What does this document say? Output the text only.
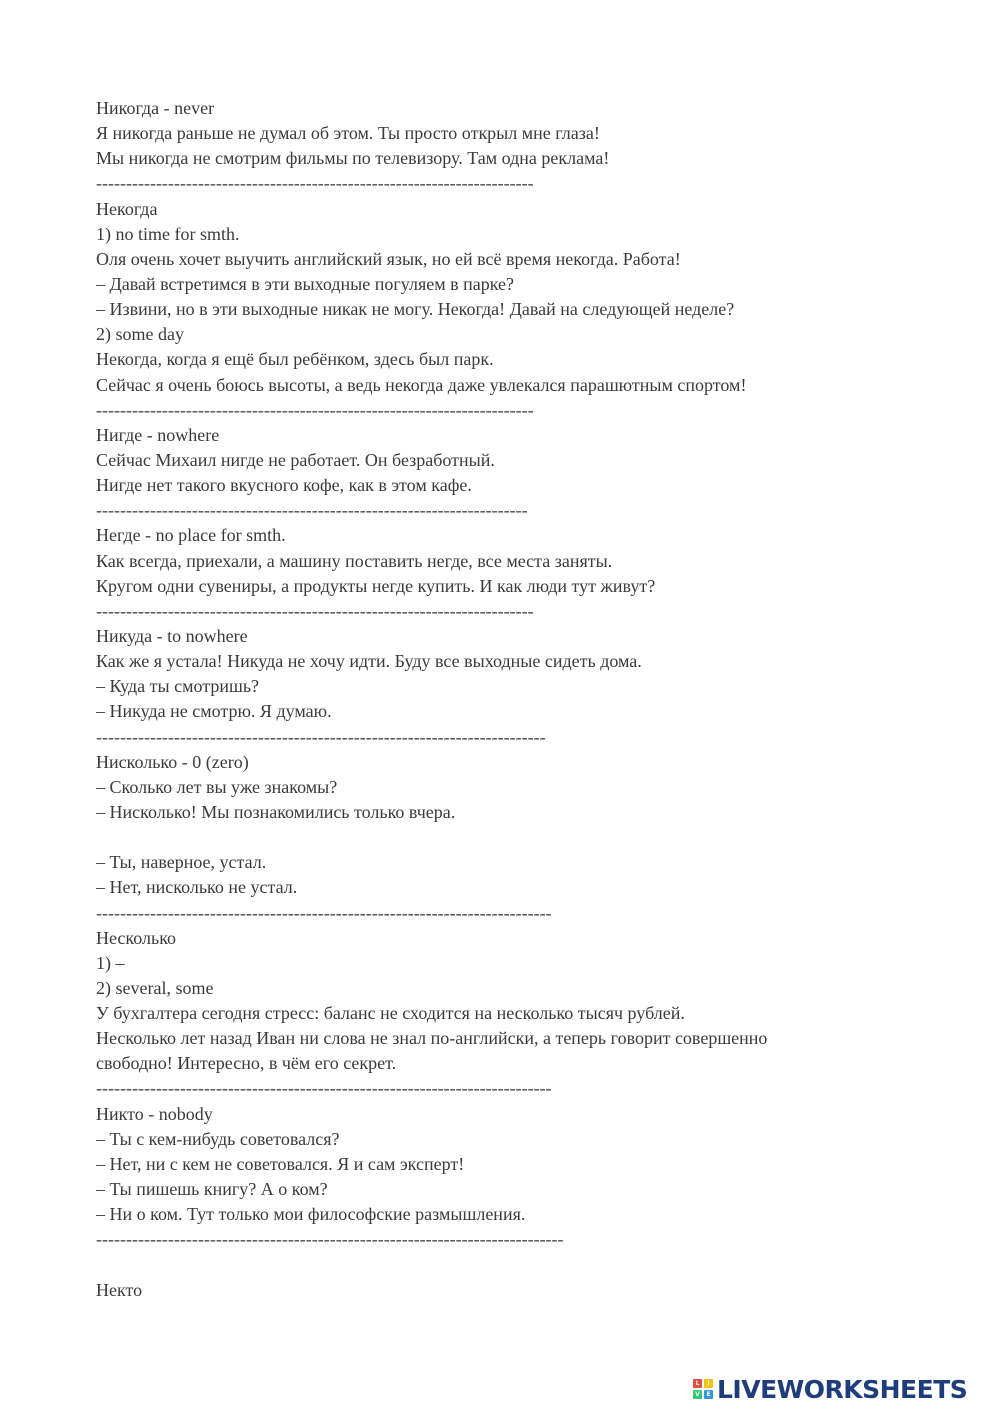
Никогда - never
Я никогда раньше не думал об этом. Ты просто открыл мне глаза!
Мы никогда не смотрим фильмы по телевизору. Там одна реклама!
-------------------------------------------------------------------------
Некогда
1) no time for smth.
Оля очень хочет выучить английский язык, но ей всё время некогда. Работа!
– Давай встретимся в эти выходные погуляем в парке?
– Извини, но в эти выходные никак не могу. Некогда! Давай на следующей неделе?
2) some day
Некогда, когда я ещё был ребёнком, здесь был парк.
Сейчас я очень боюсь высоты, а ведь некогда даже увлекался парашютным спортом!
-------------------------------------------------------------------------
Нигде - nowhere
Сейчас Михаил нигде не работает. Он безработный.
Нигде нет такого вкусного кофе, как в этом кафе.
------------------------------------------------------------------------
Негде - no place for smth.
Как всегда, приехали, а машину поставить негде, все места заняты.
Кругом одни сувениры, а продукты негде купить. И как люди тут живут?
-------------------------------------------------------------------------
Никуда - to nowhere
Как же я устала! Никуда не хочу идти. Буду все выходные сидеть дома.
– Куда ты смотришь?
– Никуда не смотрю. Я думаю.
---------------------------------------------------------------------------
Нисколько - 0 (zero)
– Сколько лет вы уже знакомы?
– Нисколько! Мы познакомились только вчера.
– Ты, наверное, устал.
– Нет, нисколько не устал.
----------------------------------------------------------------------------
Несколько
1) –
2) several, some
У бухгалтера сегодня стресс: баланс не сходится на несколько тысяч рублей.
Несколько лет назад Иван ни слова не знал по-английски, а теперь говорит совершенно
свободно! Интересно, в чём его секрет.
----------------------------------------------------------------------------
Никто - nobody
– Ты с кем-нибудь советовался?
– Нет, ни с кем не советовался. Я и сам эксперт!
– Ты пишешь книгу? А о ком?
– Ни о ком. Тут только мои философские размышления.
------------------------------------------------------------------------------
Некто
L	I
V	E LIVEWORKSHEETS
